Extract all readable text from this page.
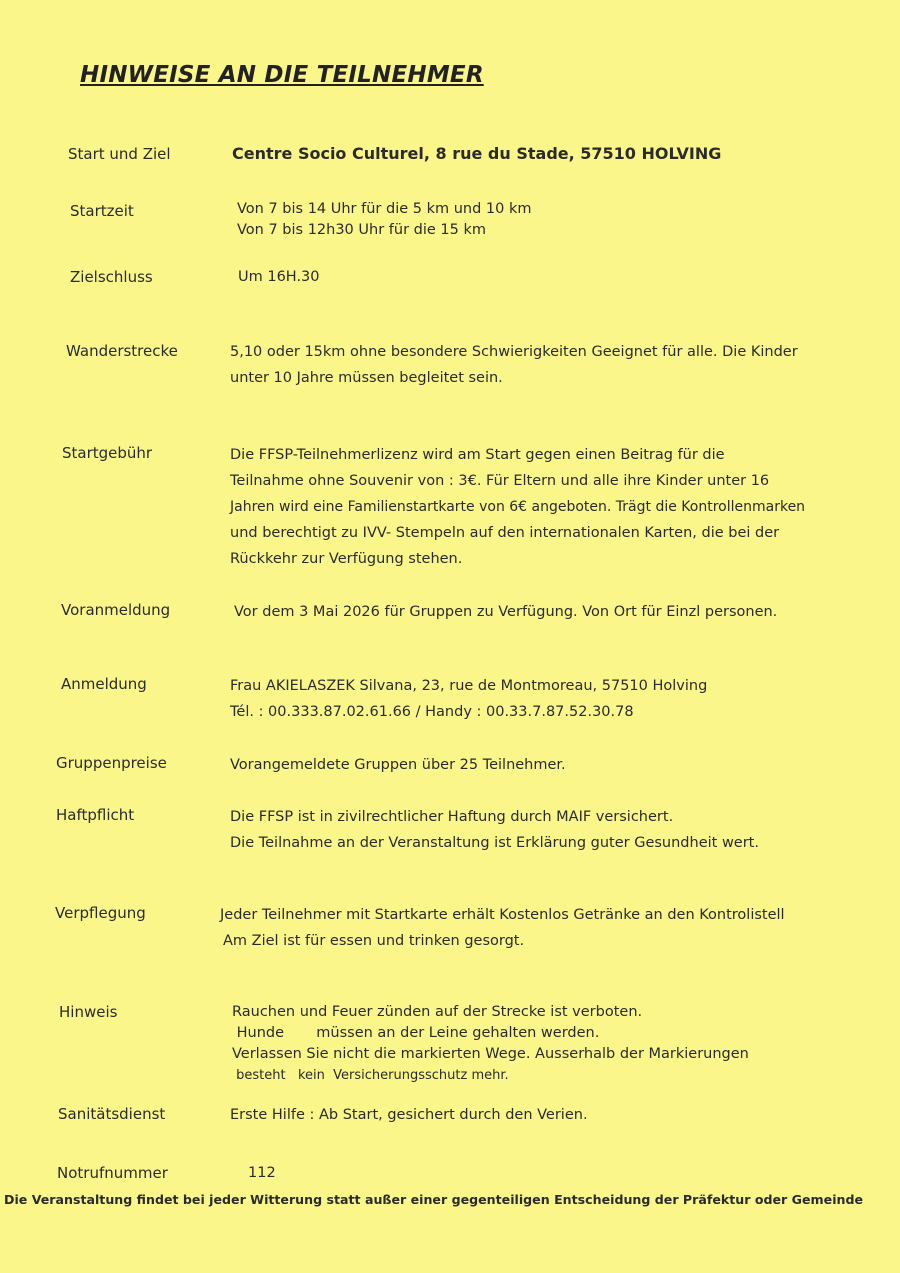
HINWEISE AN DIE TEILNEHMER
Start und Ziel	Centre Socio Culturel, 8 rue du Stade, 57510 HOLVING
Startzeit	Von 7 bis 14 Uhr für die 5 km und 10 km
Von 7 bis 12h30 Uhr für die 15 km
Zielschluss	Um 16H.30
Wanderstrecke	5,10 oder 15km ohne besondere Schwierigkeiten Geeignet für alle. Die Kinder
unter 10 Jahre müssen begleitet sein.
Startgebühr	Die FFSP-Teilnehmerlizenz wird am Start gegen einen Beitrag für die
Teilnahme ohne Souvenir von : 3€. Für Eltern und alle ihre Kinder unter 16
Jahren wird eine Familienstartkarte von 6€ angeboten. Trägt die Kontrollenmarken
und berechtigt zu IVV- Stempeln auf den internationalen Karten, die bei der
Rückkehr zur Verfügung stehen.
Voranmeldung	Vor dem 3 Mai 2026 für Gruppen zu Verfügung. Von Ort für Einzl personen.
Anmeldung	Frau AKIELASZEK Silvana, 23, rue de Montmoreau, 57510 Holving
Tél. : 00.333.87.02.61.66 / Handy : 00.33.7.87.52.30.78
Gruppenpreise	Vorangemeldete Gruppen über 25 Teilnehmer.
Haftpflicht	Die FFSP ist in zivilrechtlicher Haftung durch MAIF versichert.
Die Teilnahme an der Veranstaltung ist Erklärung guter Gesundheit wert.
Verpflegung	Jeder Teilnehmer mit Startkarte erhält Kostenlos Getränke an den Kontrolistell
Am Ziel ist für essen und trinken gesorgt.
Hinweis	Rauchen und Feuer zünden auf der Strecke ist verboten.
Hunde       müssen an der Leine gehalten werden.
Verlassen Sie nicht die markierten Wege. Ausserhalb der Markierungen
besteht   kein  Versicherungsschutz mehr.
Sanitätsdienst	Erste Hilfe : Ab Start, gesichert durch den Verien.
Notrufnummer	112
Die Veranstaltung findet bei jeder Witterung statt außer einer gegenteiligen Entscheidung der Präfektur oder Gemeinde
